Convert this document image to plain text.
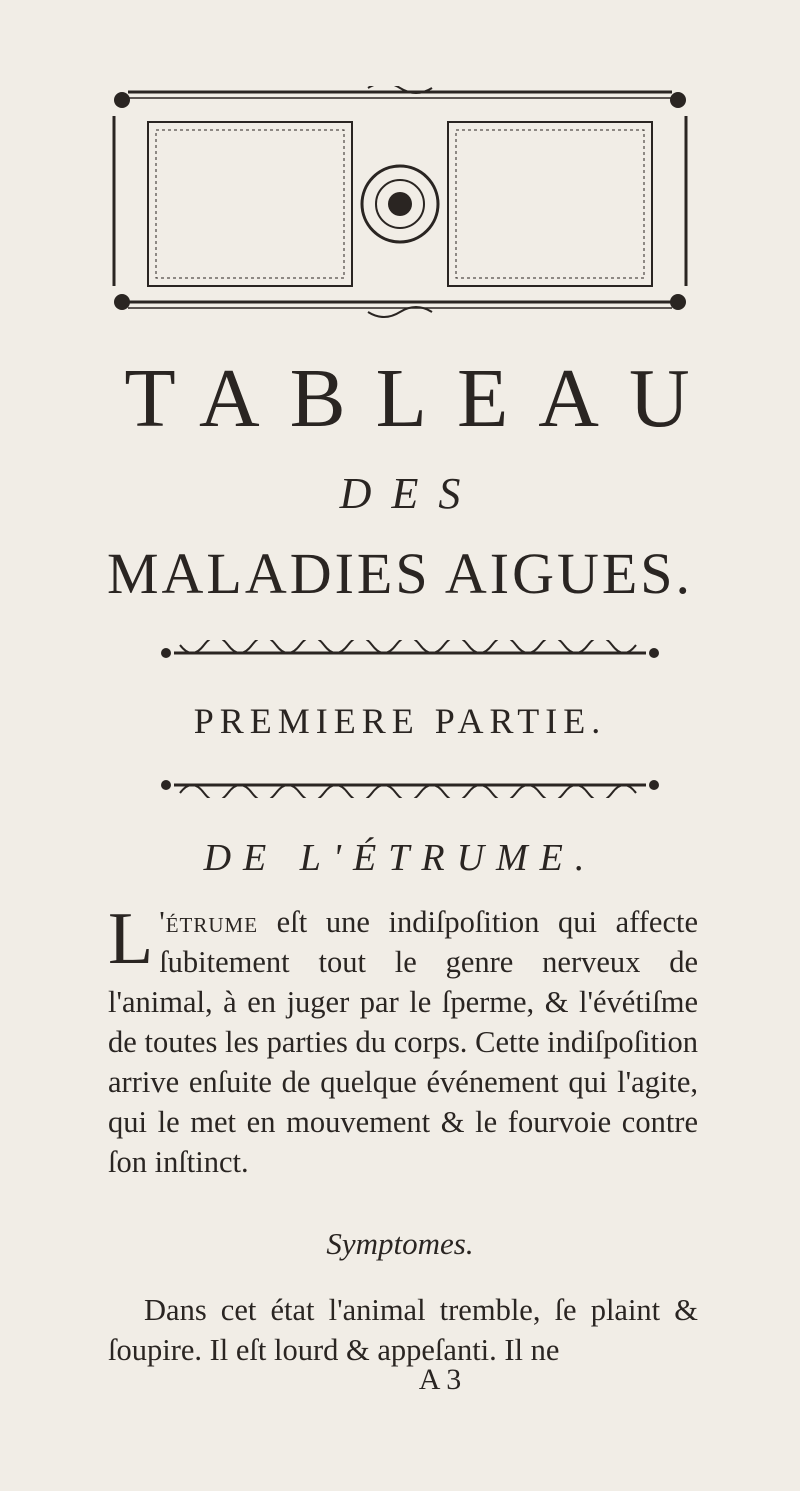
TABLEAU
DES
MALADIES AIGUES.
PREMIERE PARTIE.
DE L'ÉTRUME.
L 'étrume eſt une indiſpoſition qui affecte ſubitement tout le genre nerveux de l'animal, à en juger par le ſperme, & l'évétiſme de toutes les parties du corps. Cette indiſpoſition arrive enſuite de quelque événement qui l'agite, qui le met en mouvement & le fourvoie contre ſon inſtinct.
Symptomes.
Dans cet état l'animal tremble, ſe plaint & ſoupire. Il eſt lourd & appeſanti. Il ne
A 3
